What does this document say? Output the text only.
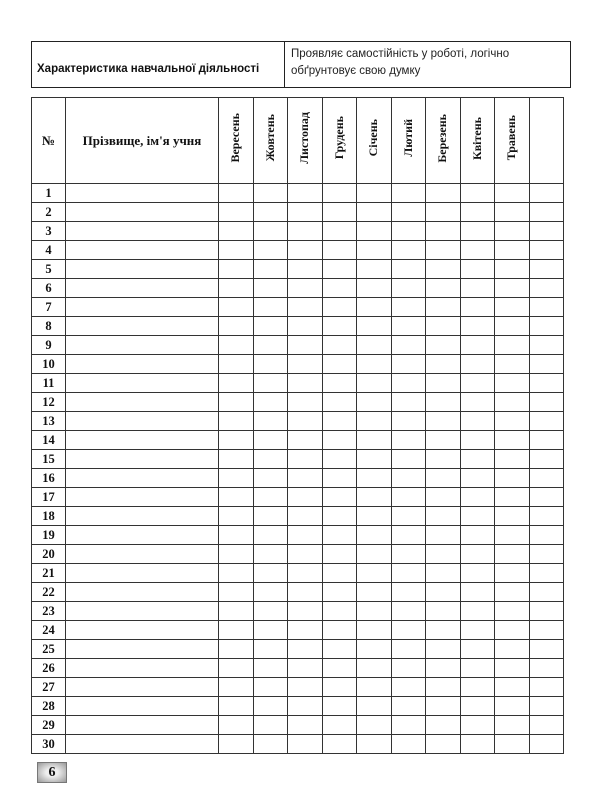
Характеристика навчальної діяльності
Проявляє самостійність у роботі, логічно обґрунтовує свою думку
№	Прізвище, ім'я учня	Вересень	Жовтень	Листопад	Грудень	Січень	Лютий	Березень	Квітень	Травень	
1											
2											
3											
4											
5											
6											
7											
8											
9											
10											
11											
12											
13											
14											
15											
16											
17											
18											
19											
20											
21											
22											
23											
24											
25											
26											
27											
28											
29											
30											
6
